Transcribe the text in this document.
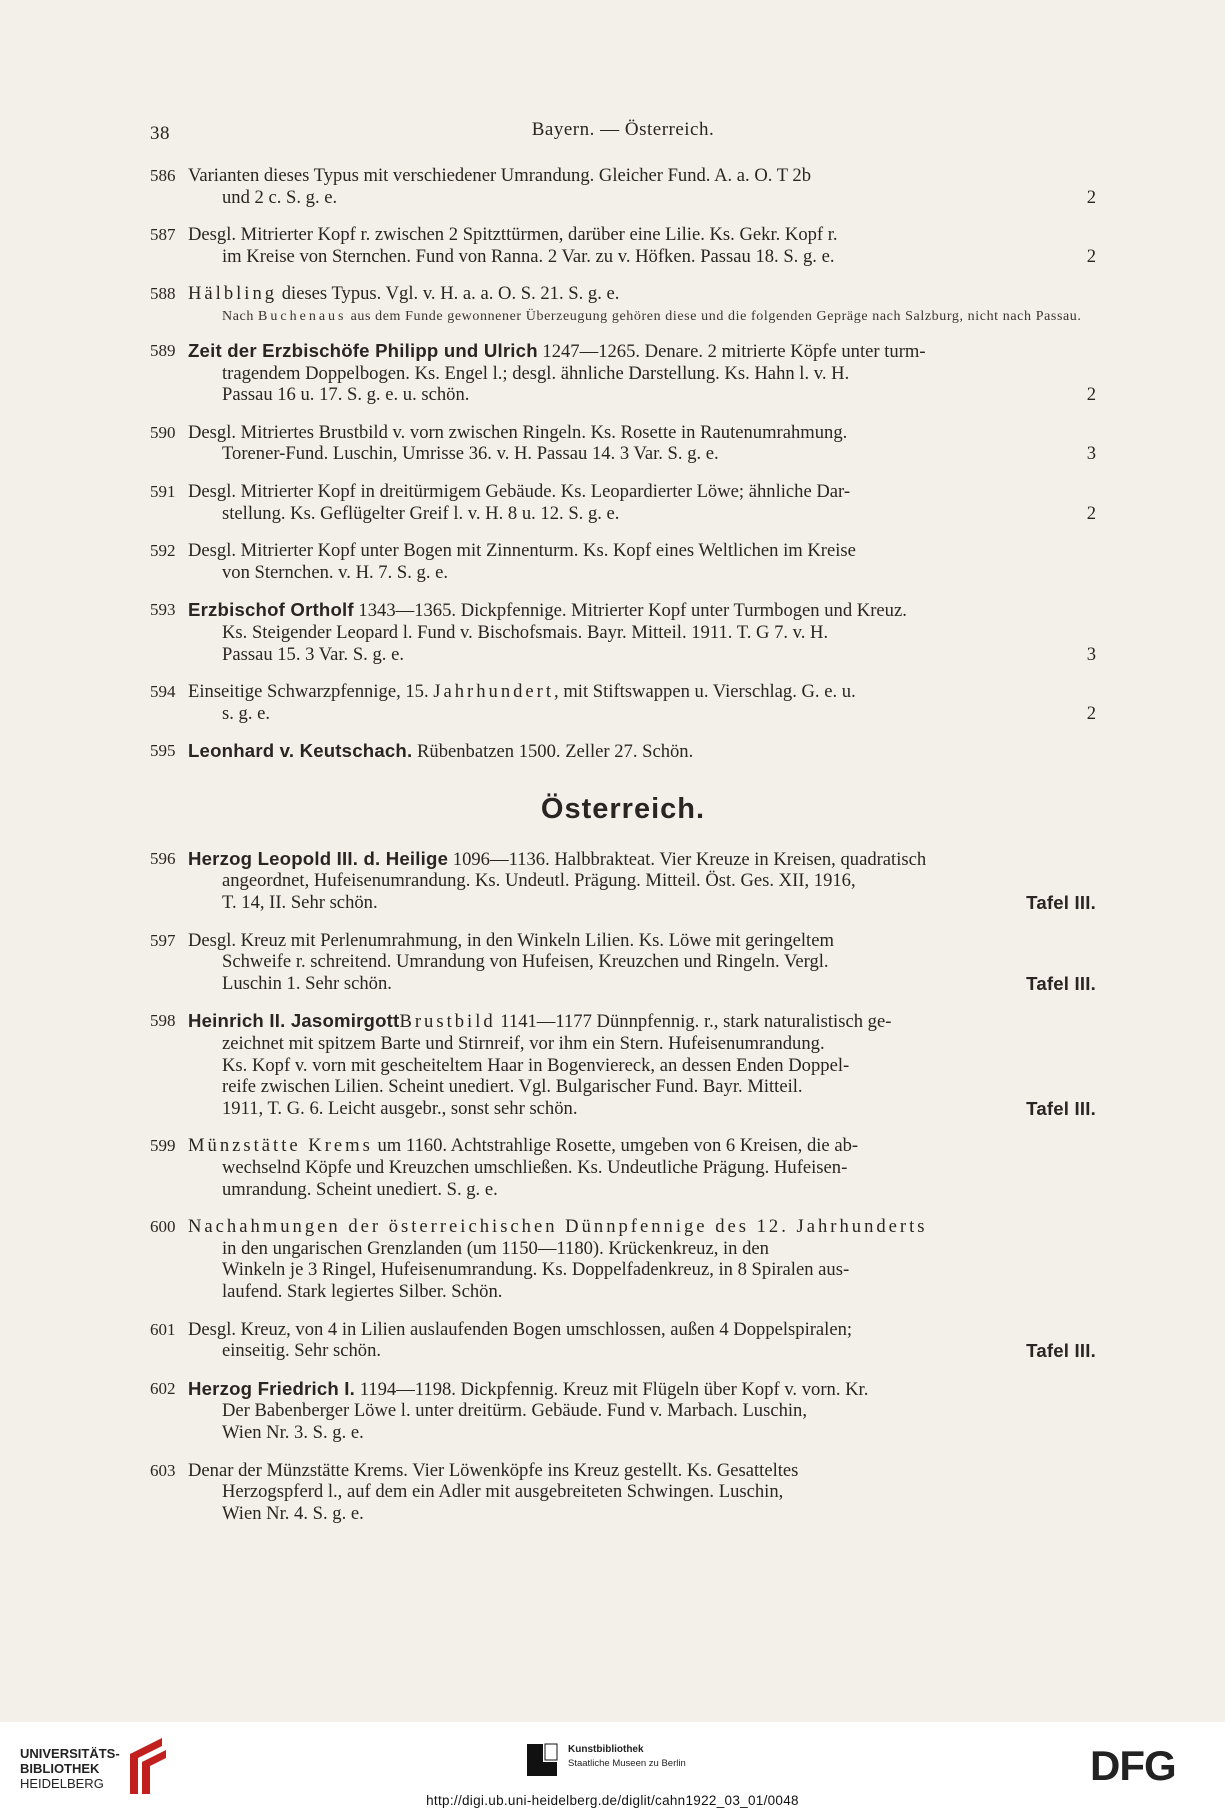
38	Bayern. — Österreich.
586 Varianten dieses Typus mit verschiedener Umrandung. Gleicher Fund. A. a. O. T 2b
und 2 c. S. g. e.	2
587 Desgl. Mitrierter Kopf r. zwischen 2 Spitzttürmen, darüber eine Lilie. Ks. Gekr. Kopf r.
im Kreise von Sternchen. Fund von Ranna. 2 Var. zu v. Höfken. Passau 18. S. g. e.	2
588 Hälbling dieses Typus. Vgl. v. H. a. a. O. S. 21. S. g. e.
Nach Buchenaus aus dem Funde gewonnener Überzeugung gehören diese und die folgenden Gepräge nach Salzburg, nicht nach Passau.
589 Zeit der Erzbischöfe Philipp und Ulrich 1247—1265. Denare. 2 mitrierte Köpfe unter turm-
tragendem Doppelbogen. Ks. Engel l.; desgl. ähnliche Darstellung. Ks. Hahn l. v. H.
Passau 16 u. 17. S. g. e. u. schön.	2
590 Desgl. Mitriertes Brustbild v. vorn zwischen Ringeln. Ks. Rosette in Rautenumrahmung.
Torener-Fund. Luschin, Umrisse 36. v. H. Passau 14. 3 Var. S. g. e.	3
591 Desgl. Mitrierter Kopf in dreitürmigem Gebäude. Ks. Leopardierter Löwe; ähnliche Dar-
stellung. Ks. Geflügelter Greif l. v. H. 8 u. 12. S. g. e.	2
592 Desgl. Mitrierter Kopf unter Bogen mit Zinnenturm. Ks. Kopf eines Weltlichen im Kreise
von Sternchen. v. H. 7. S. g. e.
593 Erzbischof Ortholf 1343—1365. Dickpfennige. Mitrierter Kopf unter Turmbogen und Kreuz.
Ks. Steigender Leopard l. Fund v. Bischofsmais. Bayr. Mitteil. 1911. T. G 7. v. H.
Passau 15. 3 Var. S. g. e.	3
594 Einseitige Schwarzpfennige, 15. Jahrhundert, mit Stiftswappen u. Vierschlag. G. e. u.
s. g. e.	2
595 Leonhard v. Keutschach. Rübenbatzen 1500. Zeller 27. Schön.
Österreich.
596 Herzog Leopold III. d. Heilige 1096—1136. Halbbrakteat. Vier Kreuze in Kreisen, quadratisch
angeordnet, Hufeisenumrandung. Ks. Undeutl. Prägung. Mitteil. Öst. Ges. XII, 1916,
T. 14, II. Sehr schön.	Tafel III.
597 Desgl. Kreuz mit Perlenumrahmung, in den Winkeln Lilien. Ks. Löwe mit geringeltem
Schweife r. schreitend. Umrandung von Hufeisen, Kreuzchen und Ringeln. Vergl.
Luschin 1. Sehr schön.	Tafel III.
598 Heinrich II. JasomirgottBrustbild 1141—1177 Dünnpfennig. r., stark naturalistisch ge-
zeichnet mit spitzem Barte und Stirnreif, vor ihm ein Stern. Hufeisenumrandung.
Ks. Kopf v. vorn mit gescheiteltem Haar in Bogenviereck, an dessen Enden Doppel-
reife zwischen Lilien. Scheint unediert. Vgl. Bulgarischer Fund. Bayr. Mitteil.
1911, T. G. 6. Leicht ausgebr., sonst sehr schön.	Tafel III.
599 Münzstätte Krems um 1160. Achtstrahlige Rosette, umgeben von 6 Kreisen, die ab-
wechselnd Köpfe und Kreuzchen umschließen. Ks. Undeutliche Prägung. Hufeisen-
umrandung. Scheint unediert. S. g. e.
600 Nachahmungen der österreichischen Dünnpfennige des 12. Jahrhunderts
in den ungarischen Grenzlanden (um 1150—1180). Krückenkreuz, in den
Winkeln je 3 Ringel, Hufeisenumrandung. Ks. Doppelfadenkreuz, in 8 Spiralen aus-
laufend. Stark legiertes Silber. Schön.
601 Desgl. Kreuz, von 4 in Lilien auslaufenden Bogen umschlossen, außen 4 Doppelspiralen;
einseitig. Sehr schön.	Tafel III.
602 Herzog Friedrich I. 1194—1198. Dickpfennig. Kreuz mit Flügeln über Kopf v. vorn. Kr.
Der Babenberger Löwe l. unter dreitürm. Gebäude. Fund v. Marbach. Luschin,
Wien Nr. 3. S. g. e.
603 Denar der Münzstätte Krems. Vier Löwenköpfe ins Kreuz gestellt. Ks. Gesatteltes
Herzogspferd l., auf dem ein Adler mit ausgebreiteten Schwingen. Luschin,
Wien Nr. 4. S. g. e.
UNIVERSITÄTS-
BIBLIOTHEK
HEIDELBERG
Kunstbibliothek
Staatliche Museen zu Berlin	DFG
http://digi.ub.uni-heidelberg.de/diglit/cahn1922_03_01/0048
